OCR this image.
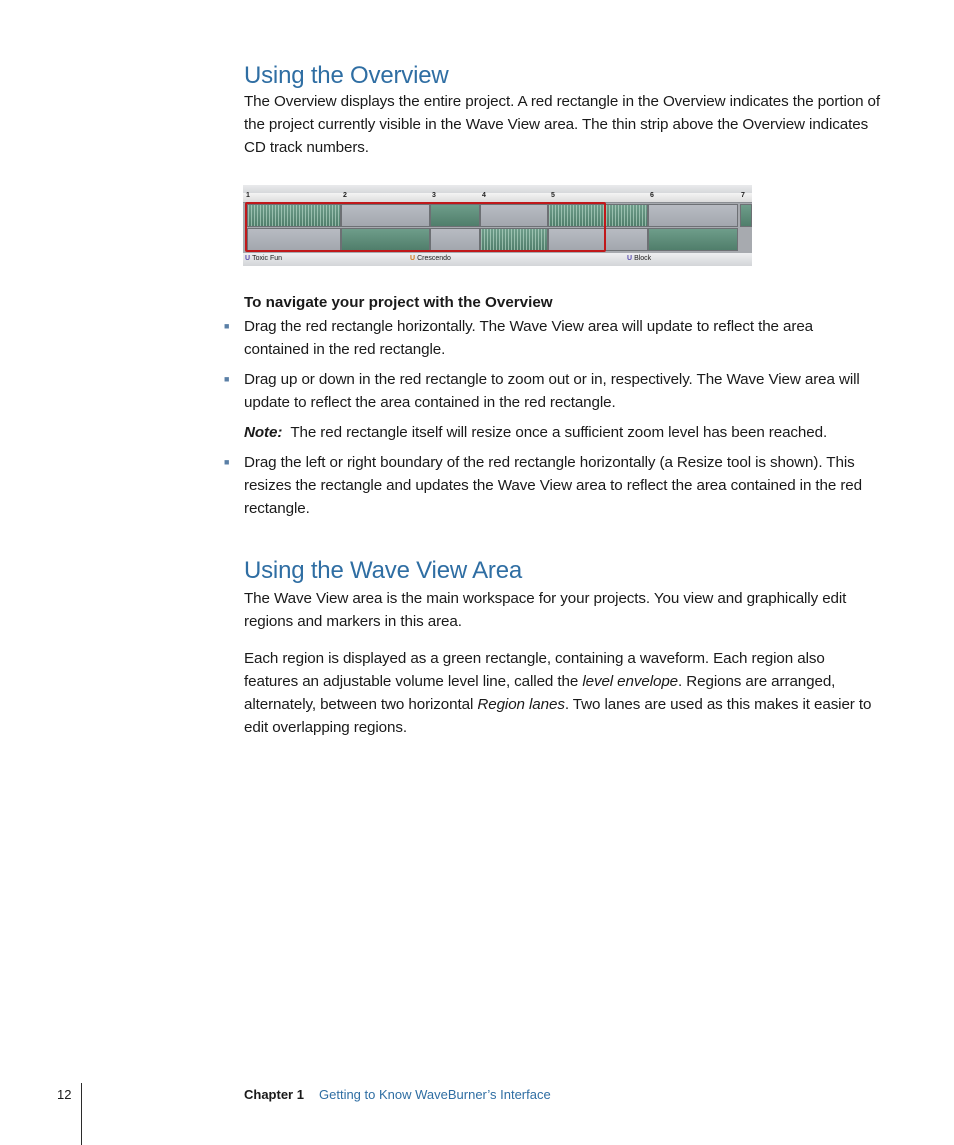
Using the Overview

The Overview displays the entire project. A red rectangle in the Overview indicates the portion of the project currently visible in the Wave View area. The thin strip above the Overview indicates CD track numbers.

1	2	3	4	5	6	7
U Toxic Fun	U Crescendo	U Block

To navigate your project with the Overview

■ Drag the red rectangle horizontally. The Wave View area will update to reflect the area contained in the red rectangle.

■ Drag up or down in the red rectangle to zoom out or in, respectively. The Wave View area will update to reflect the area contained in the red rectangle.

Note: The red rectangle itself will resize once a sufficient zoom level has been reached.

■ Drag the left or right boundary of the red rectangle horizontally (a Resize tool is shown). This resizes the rectangle and updates the Wave View area to reflect the area contained in the red rectangle.

Using the Wave View Area

The Wave View area is the main workspace for your projects. You view and graphically edit regions and markers in this area.

Each region is displayed as a green rectangle, containing a waveform. Each region also features an adjustable volume level line, called the level envelope. Regions are arranged, alternately, between two horizontal Region lanes. Two lanes are used as this makes it easier to edit overlapping regions.

12	Chapter 1 Getting to Know WaveBurner’s Interface
